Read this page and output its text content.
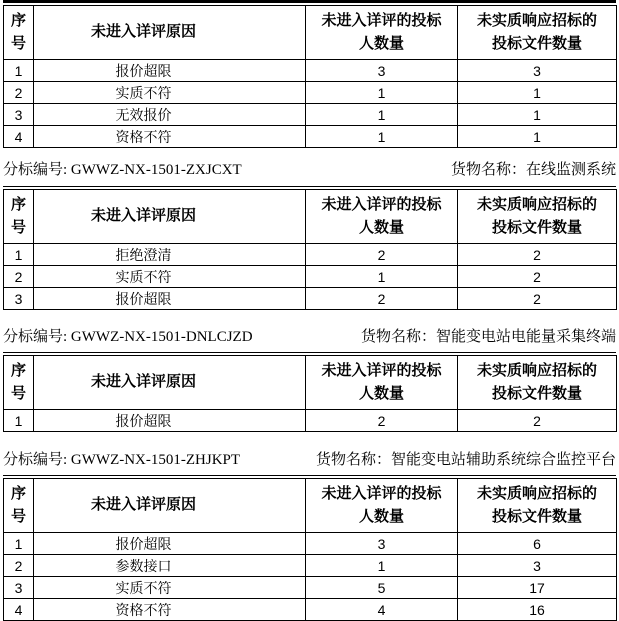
序号	未进入详评原因	未进入详评的投标人数量	未实质响应招标的投标文件数量
1	报价超限	3	3
2	实质不符	1	1
3	无效报价	1	1
4	资格不符	1	1
分标编号: GWWZ-NX-1501-ZXJCXT	货物名称：在线监测系统
序号	未进入详评原因	未进入详评的投标人数量	未实质响应招标的投标文件数量
1	拒绝澄清	2	2
2	实质不符	1	2
3	报价超限	2	2
分标编号: GWWZ-NX-1501-DNLCJZD	货物名称：智能变电站电能量采集终端
序号	未进入详评原因	未进入详评的投标人数量	未实质响应招标的投标文件数量
1	报价超限	2	2
分标编号: GWWZ-NX-1501-ZHJKPT	货物名称：智能变电站辅助系统综合监控平台
序号	未进入详评原因	未进入详评的投标人数量	未实质响应招标的投标文件数量
1	报价超限	3	6
2	参数接口	1	3
3	实质不符	5	17
4	资格不符	4	16
